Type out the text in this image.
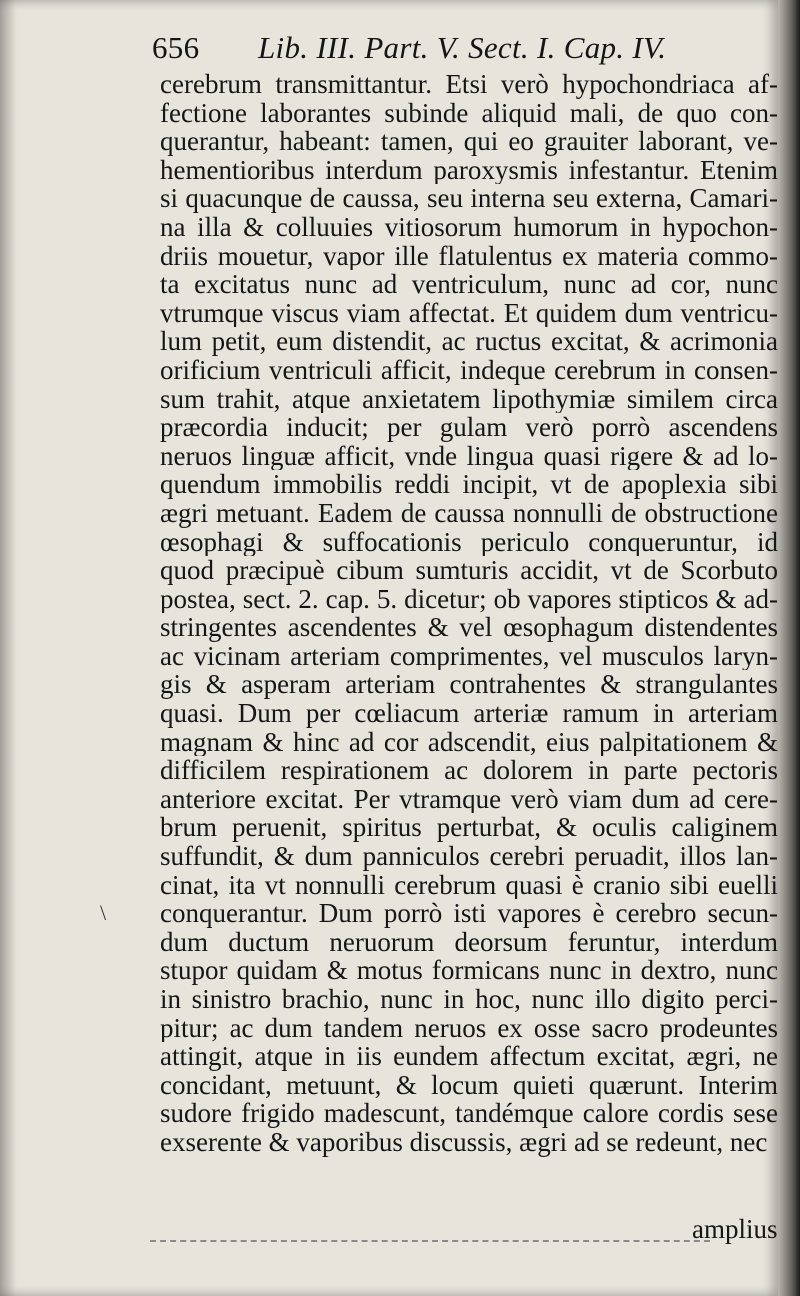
656 Lib. III. Part. V. Sect. I. Cap. IV.
cerebrum transmittantur. Etsi verò hypochondriaca af-
fectione laborantes subinde aliquid mali, de quo con-
querantur, habeant: tamen, qui eo grauiter laborant, ve-
hementioribus interdum paroxysmis infestantur. Etenim
si quacunque de caussa, seu interna seu externa, Camari-
na illa & colluuies vitiosorum humorum in hypochon-
driis mouetur, vapor ille flatulentus ex materia commo-
ta excitatus nunc ad ventriculum, nunc ad cor, nunc
vtrumque viscus viam affectat. Et quidem dum ventricu-
lum petit, eum distendit, ac ructus excitat, & acrimonia
orificium ventriculi afficit, indeque cerebrum in consen-
sum trahit, atque anxietatem lipothymiæ similem circa
præcordia inducit; per gulam verò porrò ascendens
neruos linguæ afficit, vnde lingua quasi rigere & ad lo-
quendum immobilis reddi incipit, vt de apoplexia sibi
ægri metuant. Eadem de caussa nonnulli de obstructione
œsophagi & suffocationis periculo conqueruntur, id
quod præcipuè cibum sumturis accidit, vt de Scorbuto
postea, sect. 2. cap. 5. dicetur; ob vapores stipticos & ad-
stringentes ascendentes & vel œsophagum distendentes
ac vicinam arteriam comprimentes, vel musculos laryn-
gis & asperam arteriam contrahentes & strangulantes
quasi. Dum per cœliacum arteriæ ramum in arteriam
magnam & hinc ad cor adscendit, eius palpitationem &
difficilem respirationem ac dolorem in parte pectoris
anteriore excitat. Per vtramque verò viam dum ad cere-
brum peruenit, spiritus perturbat, & oculis caliginem
suffundit, & dum panniculos cerebri peruadit, illos lan-
cinat, ita vt nonnulli cerebrum quasi è cranio sibi euelli
conquerantur. Dum porrò isti vapores è cerebro secun-
dum ductum neruorum deorsum feruntur, interdum
stupor quidam & motus formicans nunc in dextro, nunc
in sinistro brachio, nunc in hoc, nunc illo digito perci-
pitur; ac dum tandem neruos ex osse sacro prodeuntes
attingit, atque in iis eundem affectum excitat, ægri, ne
concidant, metuunt, & locum quieti quærunt. Interim
sudore frigido madescunt, tandémque calore cordis sese
exserente & vaporibus discussis, ægri ad se redeunt, nec
\
amplius
